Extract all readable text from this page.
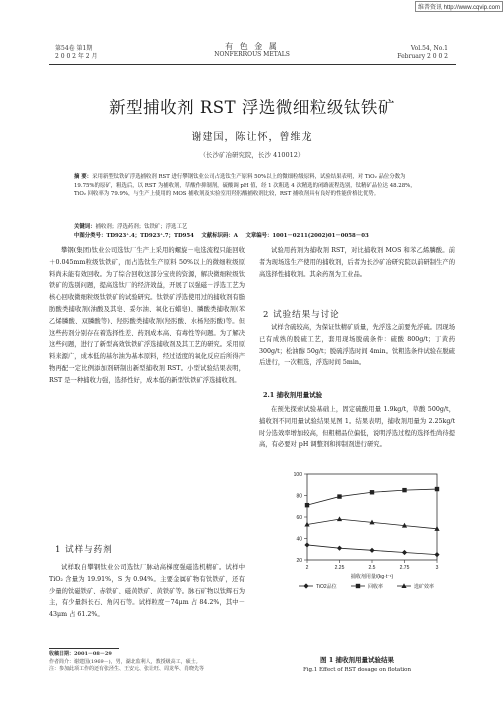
维普资讯 http://www.cqvip.com
第54卷 第1期
2 0 0 2 年 2 月
有 色 金 属
NONFERROUS METALS
Vol.54, No.1
February 2 0 0 2
新型捕收剂 RST 浮选微细粒级钛铁矿
谢建国，陈让怀，曾维龙
（长沙矿冶研究院，长沙 410012）
摘 要：采用新型钛铁矿浮选捕收剂 RST 进行攀钢钛业公司占选钛生产原料 50%以上的微细粒级原料，试验结果表明，对 TiO₂ 品位分数为 19.75%的原矿，粗选后，以 RST 为捕收剂，草酸作抑制剂，硫酸调 pH 值，经 1 次粗选 4 次精选的闭路流程选别，钛精矿品位达 48.28%，TiO₂ 回收率为 79.9%，与生产上使用的 MOS 捕收剂及实验室用羟肟酸捕收剂比较，RST 捕收剂具有良好的性能价格比优势。
关键词：捕收剂；浮选药剂；钛铁矿；浮选工艺
中图分类号：TD923⁺.4；TD923⁺.7；TD954 文献标识码：A 文章编号：1001－0211(2002)01－0058－03
攀钢(集团)钛业公司选钛厂生产上采用的螺旋－电选流程只能回收＋0.045mm粒级钛铁矿，而占选钛生产原料 50%以上的微细粒级原料尚未能有效回收。为了综合回收这部分宝贵的资源，解决微细粒级钛铁矿的选别问题，提高选钛厂的经济效益，开展了以强磁－浮选工艺为核心回收微细粒级钛铁矿的试验研究。钛铁矿浮选使用过的捕收剂有脂肪酸类捕收剂(油酸及其皂、妥尔油、氧化石蜡皂)、膦酸类捕收剂(苯乙烯膦酸、双膦酸等)、羟肟酸类捕收剂(羟肟酸、水杨羟肟酸)等。但这些药剂分别存在着选择性差、药剂成本高、有毒性等问题。为了解决这些问题，进行了新型高效钛铁矿浮选捕收剂及其工艺的研究。采用原料来源广，成本低的基尔油为基本原料，经过适度的氧化反应后所得产物再配一定比例添加剂研制出新型捕收剂 RST。小型试验结果表明，RST 是一种捕收力强，选择性好，成本低的新型钛铁矿浮选捕收剂。
1 试样与药剂
试样取自攀钢钛业公司选钛厂脉动高梯度强磁选机精矿。试样中 TiO₂ 含量为 19.91%，S 为 0.94%。主要金属矿物有钛铁矿，还有少量的钛磁铁矿、赤铁矿、磁黄铁矿、黄铁矿等。脉石矿物以钛辉石为主，有少量斜长石、角闪石等。试样粒度－74μm 占 84.2%，其中－43μm 占 61.2%。
收稿日期：2001－08－29
作者简介：谢建国(1969－)，男，湖北监利人，教授级高工，硕士。
注：参加此项工作的还有张泾生、王安元、张让旺、周龙华、肖晓先等
试验用药剂为捕收剂 RST，对比捕收剂 MOS 和苯乙烯膦酸。前者为现场选生产使用的捕收剂，后者为长沙矿冶研究院以前研制生产的高选择性捕收剂。其余药剂为工业品。
2 试验结果与讨论
试样含硫较高，为保证钛精矿质量，先浮选之前要先浮硫。因现场已有成熟的脱硫工艺，套用现场脱硫条件：硫酸 800g/t；丁黄药 300g/t；松油醇 50g/t；脱硫浮选时间 4min。钛粗选条件试验在脱硫后进行，一次粗选，浮选时间 5min。
2.1 捕收剂用量试验
在预先探索试验基础上，固定硫酸用量 1.9kg/t，草酸 500g/t，捕收剂不同用量试验结果见图 1。结果表明，捕收剂用量为 2.25kg/t 时分选效率增加较高，但粗精品位偏低，说明浮选过程的选择性尚待提高，有必要对 pH 调整剂和抑制剂进行研究。
20
40
60
80
100
2	2.25	2.5	2.75	3
捕收剂用量/(kg·t⁻¹)
TiO2品位	回收率	选矿效率
图 1 捕收剂用量试验结果
Fig.1 Effect of RST dosage on flotation
